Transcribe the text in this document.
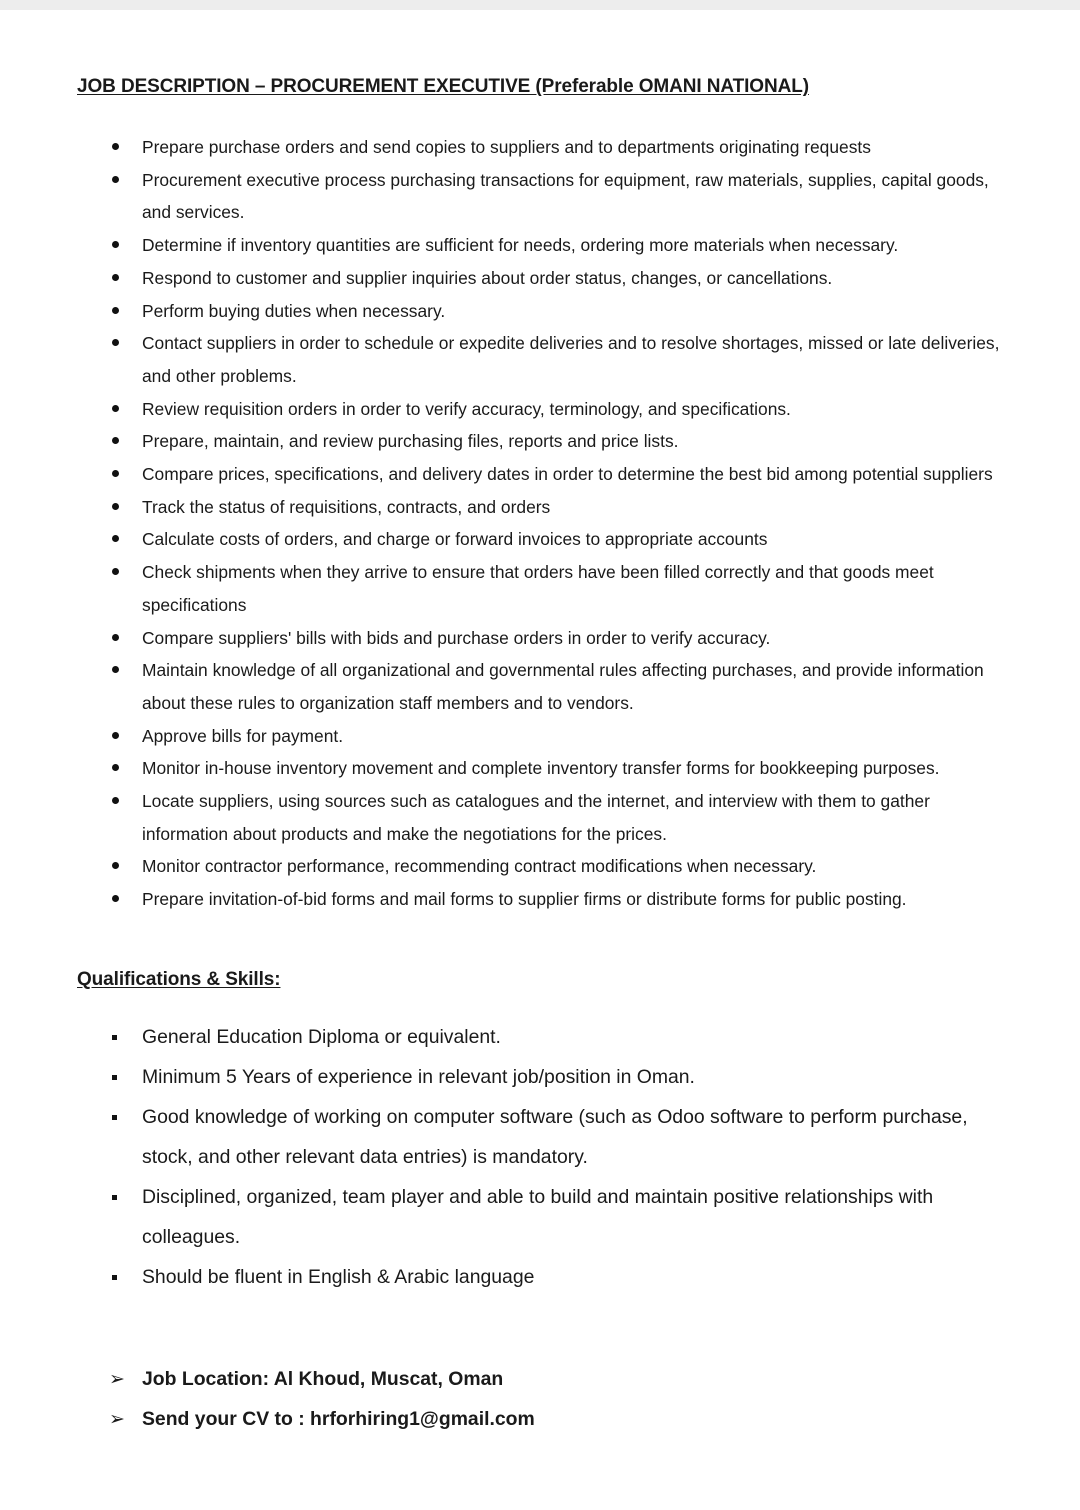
JOB DESCRIPTION – PROCUREMENT EXECUTIVE (Preferable OMANI NATIONAL)
Prepare purchase orders and send copies to suppliers and to departments originating requests
Procurement executive process purchasing transactions for equipment, raw materials, supplies, capital goods, and services.
Determine if inventory quantities are sufficient for needs, ordering more materials when necessary.
Respond to customer and supplier inquiries about order status, changes, or cancellations.
Perform buying duties when necessary.
Contact suppliers in order to schedule or expedite deliveries and to resolve shortages, missed or late deliveries, and other problems.
Review requisition orders in order to verify accuracy, terminology, and specifications.
Prepare, maintain, and review purchasing files, reports and price lists.
Compare prices, specifications, and delivery dates in order to determine the best bid among potential suppliers
Track the status of requisitions, contracts, and orders
Calculate costs of orders, and charge or forward invoices to appropriate accounts
Check shipments when they arrive to ensure that orders have been filled correctly and that goods meet specifications
Compare suppliers' bills with bids and purchase orders in order to verify accuracy.
Maintain knowledge of all organizational and governmental rules affecting purchases, and provide information about these rules to organization staff members and to vendors.
Approve bills for payment.
Monitor in-house inventory movement and complete inventory transfer forms for bookkeeping purposes.
Locate suppliers, using sources such as catalogues and the internet, and interview with them to gather information about products and make the negotiations for the prices.
Monitor contractor performance, recommending contract modifications when necessary.
Prepare invitation-of-bid forms and mail forms to supplier firms or distribute forms for public posting.
Qualifications & Skills:
General Education Diploma or equivalent.
Minimum 5 Years of experience in relevant job/position in Oman.
Good knowledge of working on computer software (such as Odoo software to perform purchase, stock, and other relevant data entries) is mandatory.
Disciplined, organized, team player and able to build and maintain positive relationships with colleagues.
Should be fluent in English & Arabic language
➢ Job Location: Al Khoud, Muscat, Oman
➢ Send your CV to : hrforhiring1@gmail.com
